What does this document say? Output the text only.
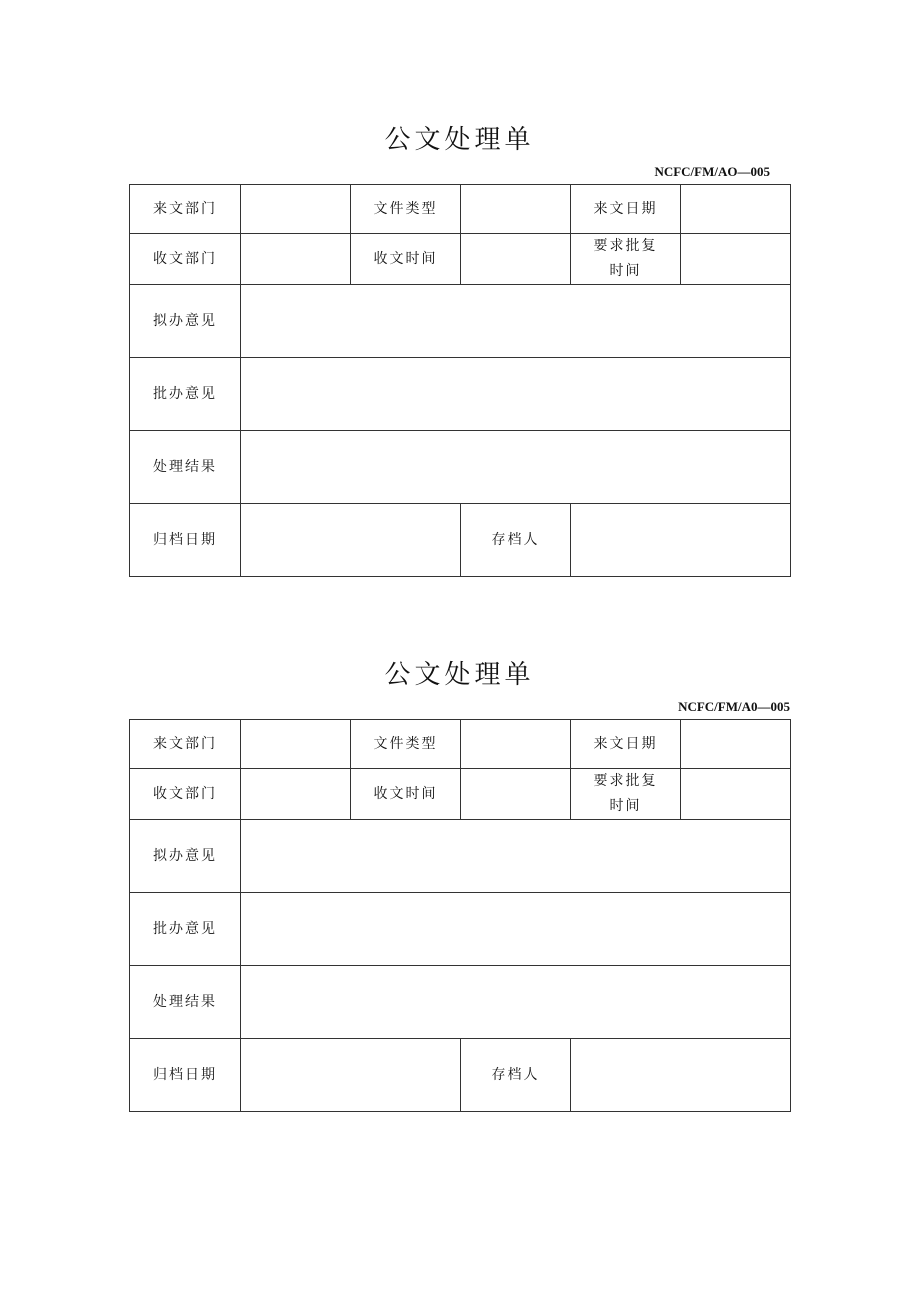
公文处理单
NCFC/FM/AO—005
来文部门		文件类型		来文日期	
收文部门		收文时间		要求批复时间	
拟办意见					
批办意见					
处理结果					
归档日期			存档人		
公文处理单
NCFC/FM/A0—005
来文部门		文件类型		来文日期	
收文部门		收文时间		要求批复时间	
拟办意见					
批办意见					
处理结果					
归档日期			存档人		
